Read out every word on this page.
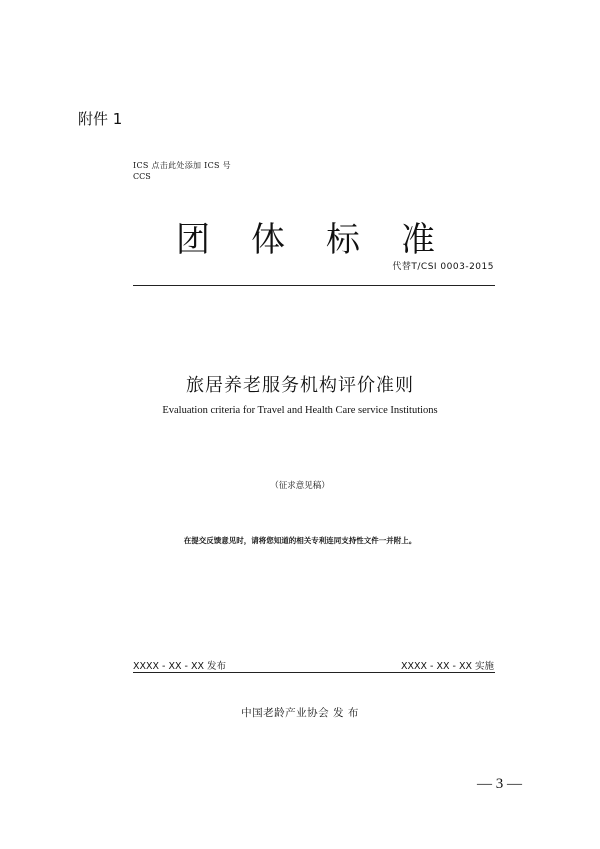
附件 1
ICS 点击此处添加 ICS 号
CCS
团体标准
代替T/CSI 0003-2015
旅居养老服务机构评价准则
Evaluation criteria for Travel and Health Care service Institutions
（征求意见稿）
在提交反馈意见时，请将您知道的相关专利连同支持性文件一并附上。
XXXX - XX - XX 发布	XXXX - XX - XX 实施
中国老龄产业协会 发 布
— 3 —
